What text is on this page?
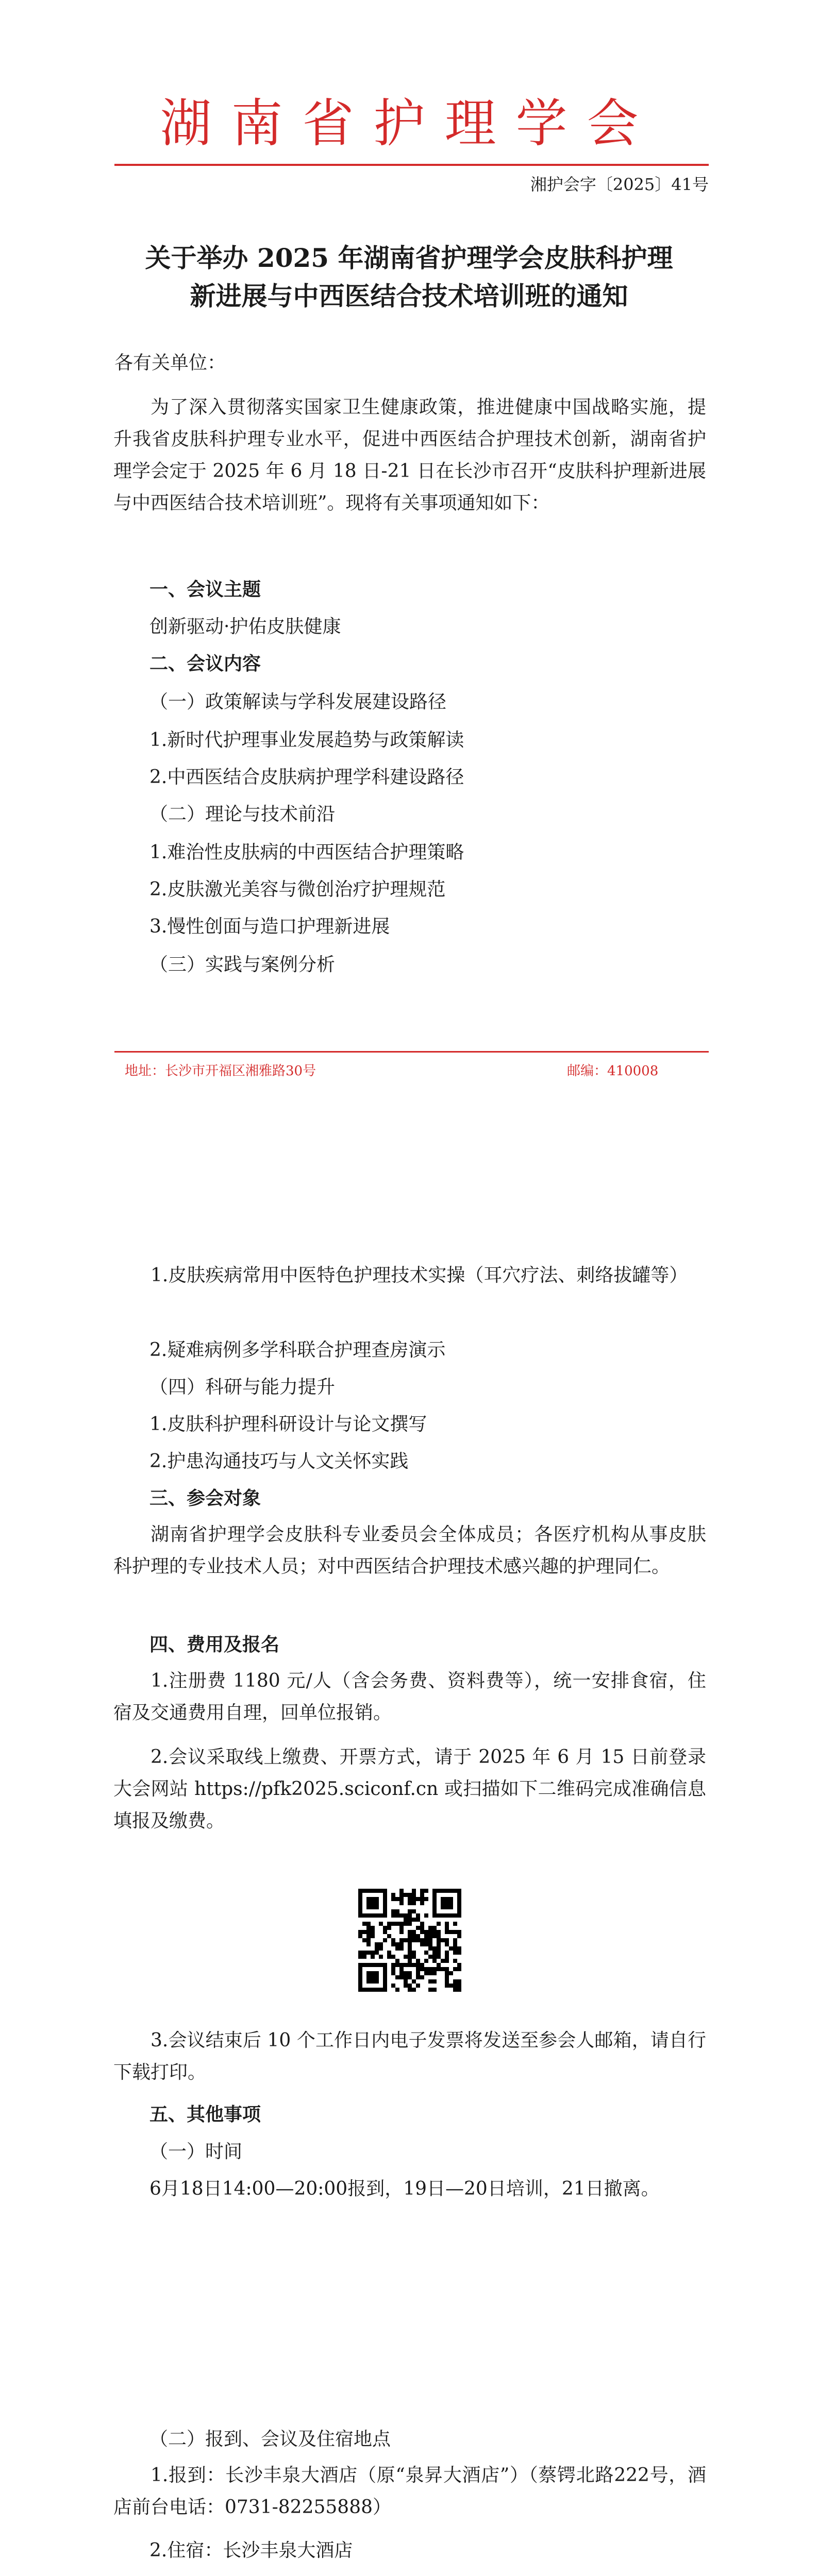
湖南省护理学会
湘护会字〔2025〕41号
关于举办 2025 年湖南省护理学会皮肤科护理
新进展与中西医结合技术培训班的通知
各有关单位：

为了深入贯彻落实国家卫生健康政策，推进健康中国战略实施，提升我省皮肤科护理专业水平，促进中西医结合护理技术创新，湖南省护理学会定于 2025 年 6 月 18 日-21 日在长沙市召开“皮肤科护理新进展与中西医结合技术培训班”。现将有关事项通知如下：

一、会议主题
创新驱动·护佑皮肤健康
二、会议内容
（一）政策解读与学科发展建设路径
1.新时代护理事业发展趋势与政策解读
2.中西医结合皮肤病护理学科建设路径
（二）理论与技术前沿
1.难治性皮肤病的中西医结合护理策略
2.皮肤激光美容与微创治疗护理规范
3.慢性创面与造口护理新进展
（三）实践与案例分析
地址：长沙市开福区湘雅路30号	邮编：410008

1.皮肤疾病常用中医特色护理技术实操（耳穴疗法、刺络拔罐等）

2.疑难病例多学科联合护理查房演示
（四）科研与能力提升
1.皮肤科护理科研设计与论文撰写
2.护患沟通技巧与人文关怀实践
三、参会对象

湖南省护理学会皮肤科专业委员会全体成员；各医疗机构从事皮肤科护理的专业技术人员；对中西医结合护理技术感兴趣的护理同仁。

四、费用及报名

1.注册费 1180 元/人（含会务费、资料费等），统一安排食宿，住宿及交通费用自理，回单位报销。

2.会议采取线上缴费、开票方式，请于 2025 年 6 月 15 日前登录大会网站 https://pfk2025.sciconf.cn 或扫描如下二维码完成准确信息填报及缴费。

3.会议结束后 10 个工作日内电子发票将发送至参会人邮箱，请自行下载打印。

五、其他事项
（一）时间
6月18日14:00—20:00报到，19日—20日培训，21日撤离。
（二）报到、会议及住宿地点

1.报到：长沙丰泉大酒店（原“泉昇大酒店”）（蔡锷北路222号，酒店前台电话：0731-82255888）

2.住宿：长沙丰泉大酒店
